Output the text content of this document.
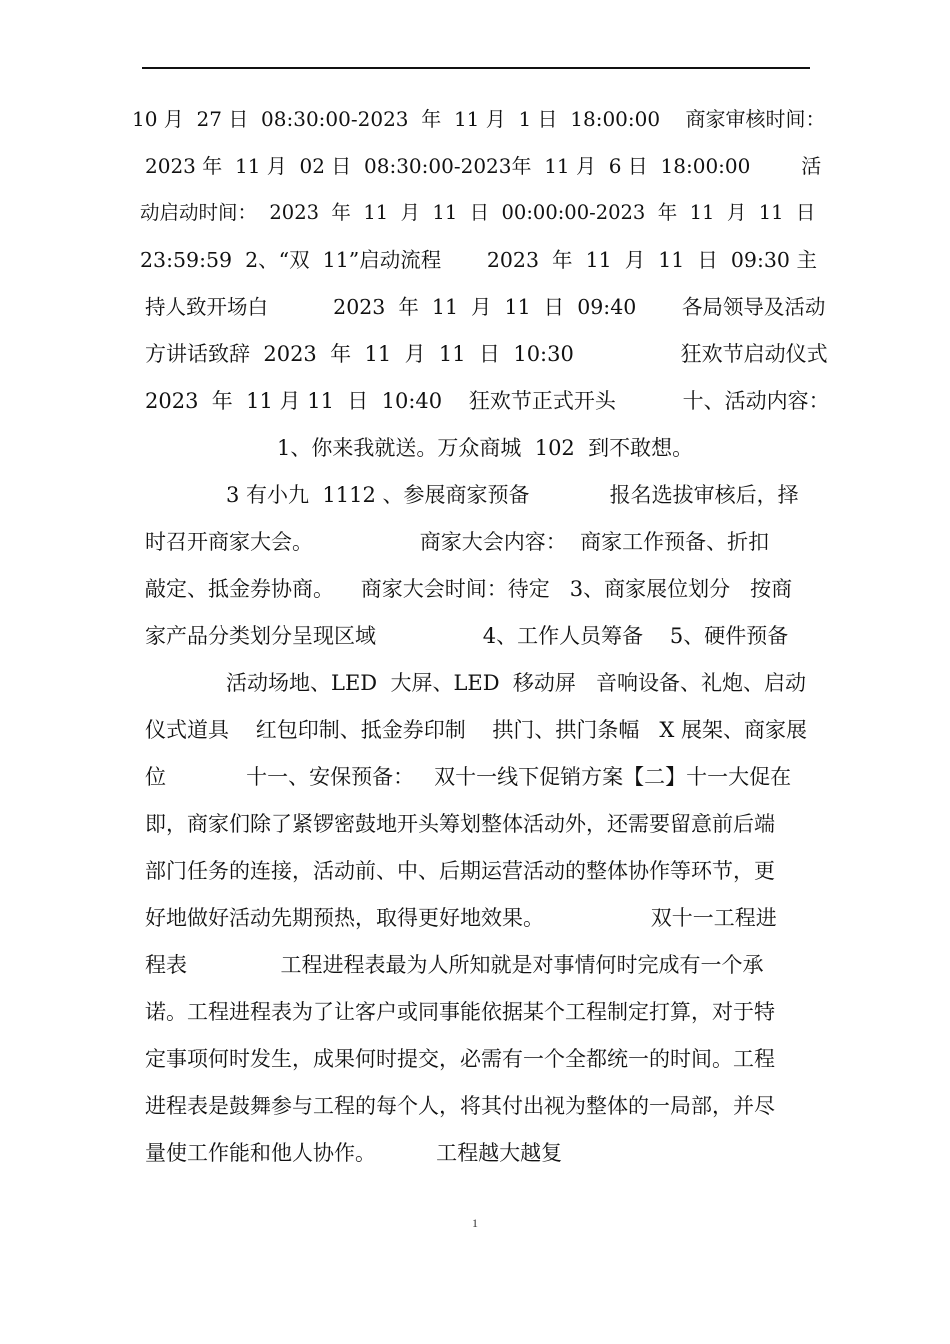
10 月  27 日  08:30:00-2023  年  11 月  1 日  18:00:00    商家审核时间：
2023 年  11 月  02 日  08:30:00-2023年  11 月  6 日  18:00:00        活
动启动时间：  2023  年  11  月  11  日  00:00:00-2023  年  11  月  11  日
23:59:59  2、“双  11”启动流程       2023  年  11  月  11  日  09:30 主
持人致开场白          2023  年  11  月  11  日  09:40       各局领导及活动
方讲话致辞  2023  年  11  月  11  日  10:30                狂欢节启动仪式
2023  年  11 月 11  日  10:40    狂欢节正式开头          十、活动内容：
1、你来我就送。万众商城  102  到不敢想。
3 有小九  1112 、参展商家预备            报名选拔审核后，择
时召开商家大会。                商家大会内容：  商家工作预备、折扣
敲定、抵金券协商。    商家大会时间：待定   3、商家展位划分   按商
家产品分类划分呈现区域                4、工作人员筹备    5、硬件预备
活动场地、LED  大屏、LED  移动屏   音响设备、礼炮、启动
仪式道具    红包印制、抵金券印制    拱门、拱门条幅   X 展架、商家展
位            十一、安保预备：   双十一线下促销方案【二】十一大促在
即，商家们除了紧锣密鼓地开头筹划整体活动外，还需要留意前后端
部门任务的连接，活动前、中、后期运营活动的整体协作等环节，更
好地做好活动先期预热，取得更好地效果。                双十一工程进
程表              工程进程表最为人所知就是对事情何时完成有一个承
诺。工程进程表为了让客户或同事能依据某个工程制定打算，对于特
定事项何时发生，成果何时提交，必需有一个全都统一的时间。工程
进程表是鼓舞参与工程的每个人，将其付出视为整体的一局部，并尽
量使工作能和他人协作。         工程越大越复
1
